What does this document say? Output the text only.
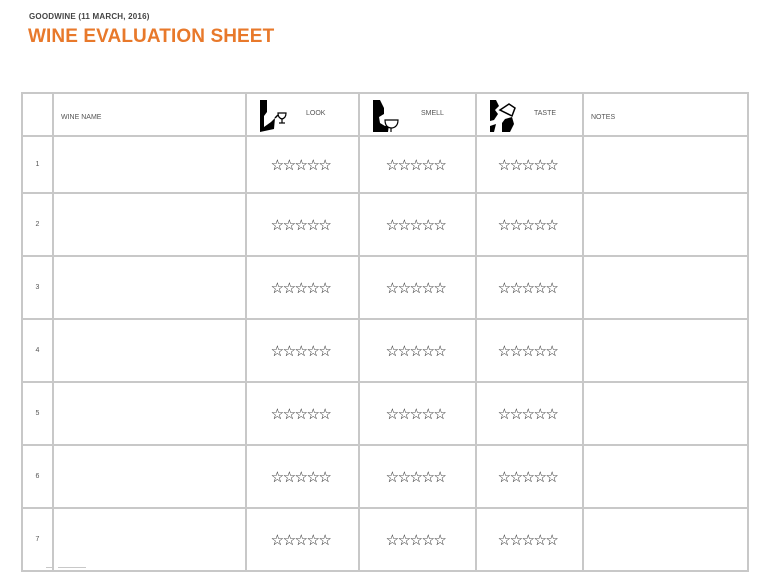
GOODWINE (11 MARCH, 2016)
WINE EVALUATION SHEET
	WINE NAME	LOOK	SMELL	TASTE	NOTES
1		☆☆☆☆☆	☆☆☆☆☆	☆☆☆☆☆	
2		☆☆☆☆☆	☆☆☆☆☆	☆☆☆☆☆	
3		☆☆☆☆☆	☆☆☆☆☆	☆☆☆☆☆	
4		☆☆☆☆☆	☆☆☆☆☆	☆☆☆☆☆	
5		☆☆☆☆☆	☆☆☆☆☆	☆☆☆☆☆	
6		☆☆☆☆☆	☆☆☆☆☆	☆☆☆☆☆	
7		☆☆☆☆☆	☆☆☆☆☆	☆☆☆☆☆	
